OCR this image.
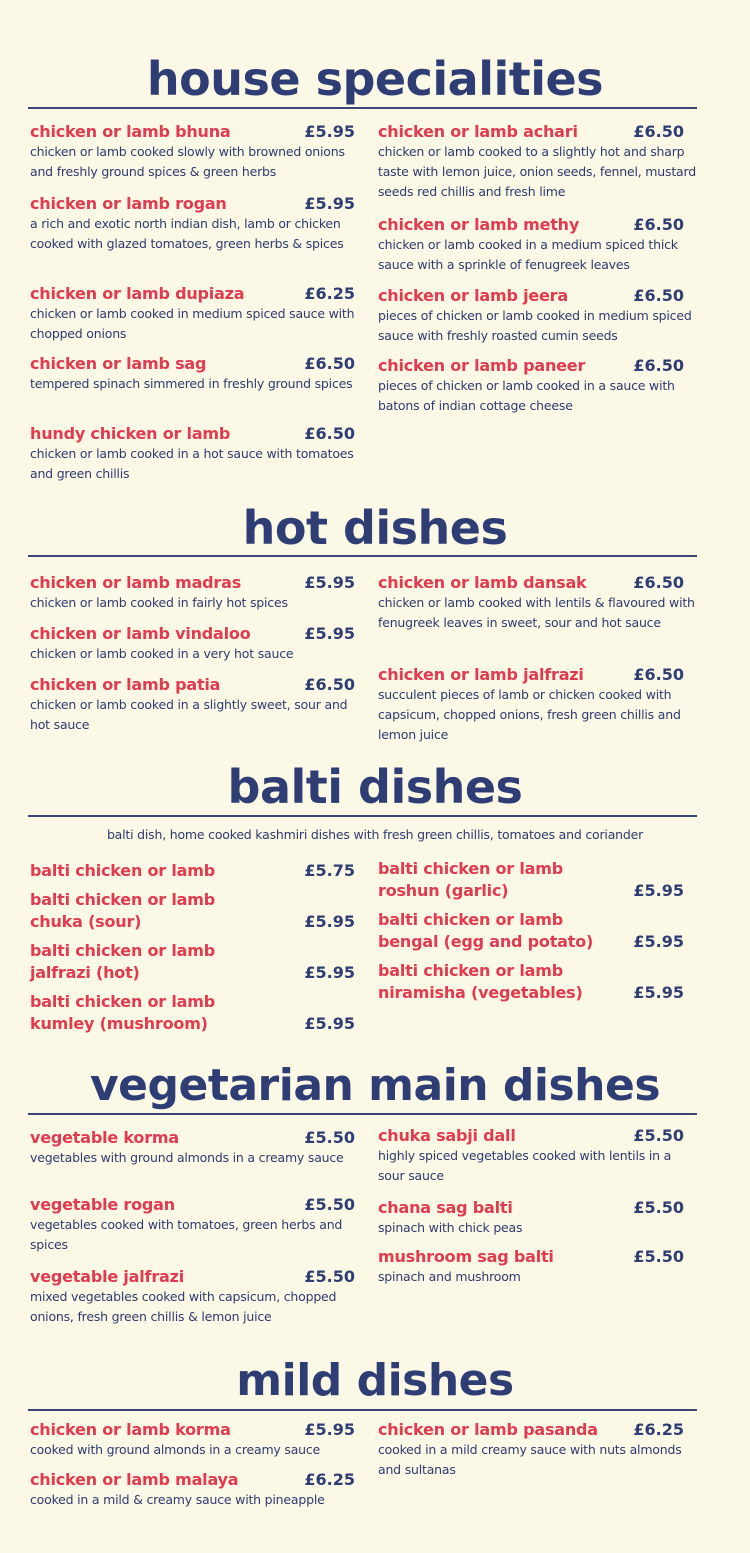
house specialities
chicken or lamb bhuna	£5.95
chicken or lamb cooked slowly with browned onions and freshly ground spices & green herbs
chicken or lamb rogan	£5.95
a rich and exotic north indian dish, lamb or chicken cooked with glazed tomatoes, green herbs & spices
chicken or lamb dupiaza	£6.25
chicken or lamb cooked in medium spiced sauce with chopped onions
chicken or lamb sag	£6.50
tempered spinach simmered in freshly ground spices
hundy chicken or lamb	£6.50
chicken or lamb cooked in a hot sauce with tomatoes and green chillis
chicken or lamb achari	£6.50
chicken or lamb cooked to a slightly hot and sharp taste with lemon juice, onion seeds, fennel, mustard seeds red chillis and fresh lime
chicken or lamb methy	£6.50
chicken or lamb cooked in a medium spiced thick sauce with a sprinkle of fenugreek leaves
chicken or lamb jeera	£6.50
pieces of chicken or lamb cooked in medium spiced sauce with freshly roasted cumin seeds
chicken or lamb paneer	£6.50
pieces of chicken or lamb cooked in a sauce with batons of indian cottage cheese
hot dishes
chicken or lamb madras	£5.95
chicken or lamb cooked in fairly hot spices
chicken or lamb vindaloo	£5.95
chicken or lamb cooked in a very hot sauce
chicken or lamb patia	£6.50
chicken or lamb cooked in a slightly sweet, sour and hot sauce
chicken or lamb dansak	£6.50
chicken or lamb cooked with lentils & flavoured with fenugreek leaves in sweet, sour and hot sauce
chicken or lamb jalfrazi	£6.50
succulent pieces of lamb or chicken cooked with capsicum, chopped onions, fresh green chillis and lemon juice
balti dishes
balti dish, home cooked kashmiri dishes with fresh green chillis, tomatoes and coriander
balti chicken or lamb	£5.75
balti chicken or lamb chuka (sour)	£5.95
balti chicken or lamb jalfrazi (hot)	£5.95
balti chicken or lamb kumley (mushroom)	£5.95
balti chicken or lamb roshun (garlic)	£5.95
balti chicken or lamb bengal (egg and potato)	£5.95
balti chicken or lamb niramisha (vegetables)	£5.95
vegetarian main dishes
vegetable korma	£5.50
vegetables with ground almonds in a creamy sauce
vegetable rogan	£5.50
vegetables cooked with tomatoes, green herbs and spices
vegetable jalfrazi	£5.50
mixed vegetables cooked with capsicum, chopped onions, fresh green chillis & lemon juice
chuka sabji dall	£5.50
highly spiced vegetables cooked with lentils in a sour sauce
chana sag balti	£5.50
spinach with chick peas
mushroom sag balti	£5.50
spinach and mushroom
mild dishes
chicken or lamb korma	£5.95
cooked with ground almonds in a creamy sauce
chicken or lamb malaya	£6.25
cooked in a mild & creamy sauce with pineapple
chicken or lamb pasanda	£6.25
cooked in a mild creamy sauce with nuts almonds and sultanas
